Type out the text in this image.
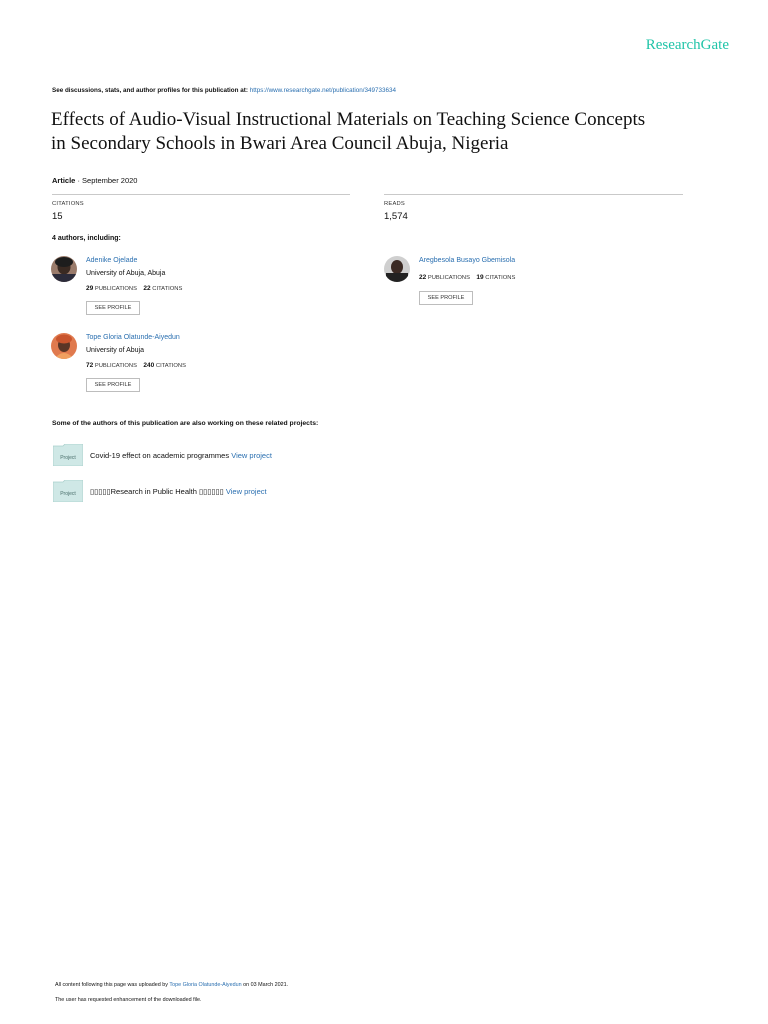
ResearchGate
See discussions, stats, and author profiles for this publication at: https://www.researchgate.net/publication/349733634
Effects of Audio-Visual Instructional Materials on Teaching Science Concepts
in Secondary Schools in Bwari Area Council Abuja, Nigeria
Article · September 2020
CITATIONS
15
READS
1,574
4 authors, including:
Adenike Ojelade
University of Abuja, Abuja
29 PUBLICATIONS 22 CITATIONS
SEE PROFILE
Aregbesola Busayo Gbemisola
22 PUBLICATIONS 19 CITATIONS
SEE PROFILE
Tope Gloria Olatunde-Aiyedun
University of Abuja
72 PUBLICATIONS 240 CITATIONS
SEE PROFILE
Some of the authors of this publication are also working on these related projects:
Project Covid-19 effect on academic programmes View project
Project ▯▯▯▯▯Research in Public Health ▯▯▯▯▯▯ View project
All content following this page was uploaded by Tope Gloria Olatunde-Aiyedun on 03 March 2021.
The user has requested enhancement of the downloaded file.
